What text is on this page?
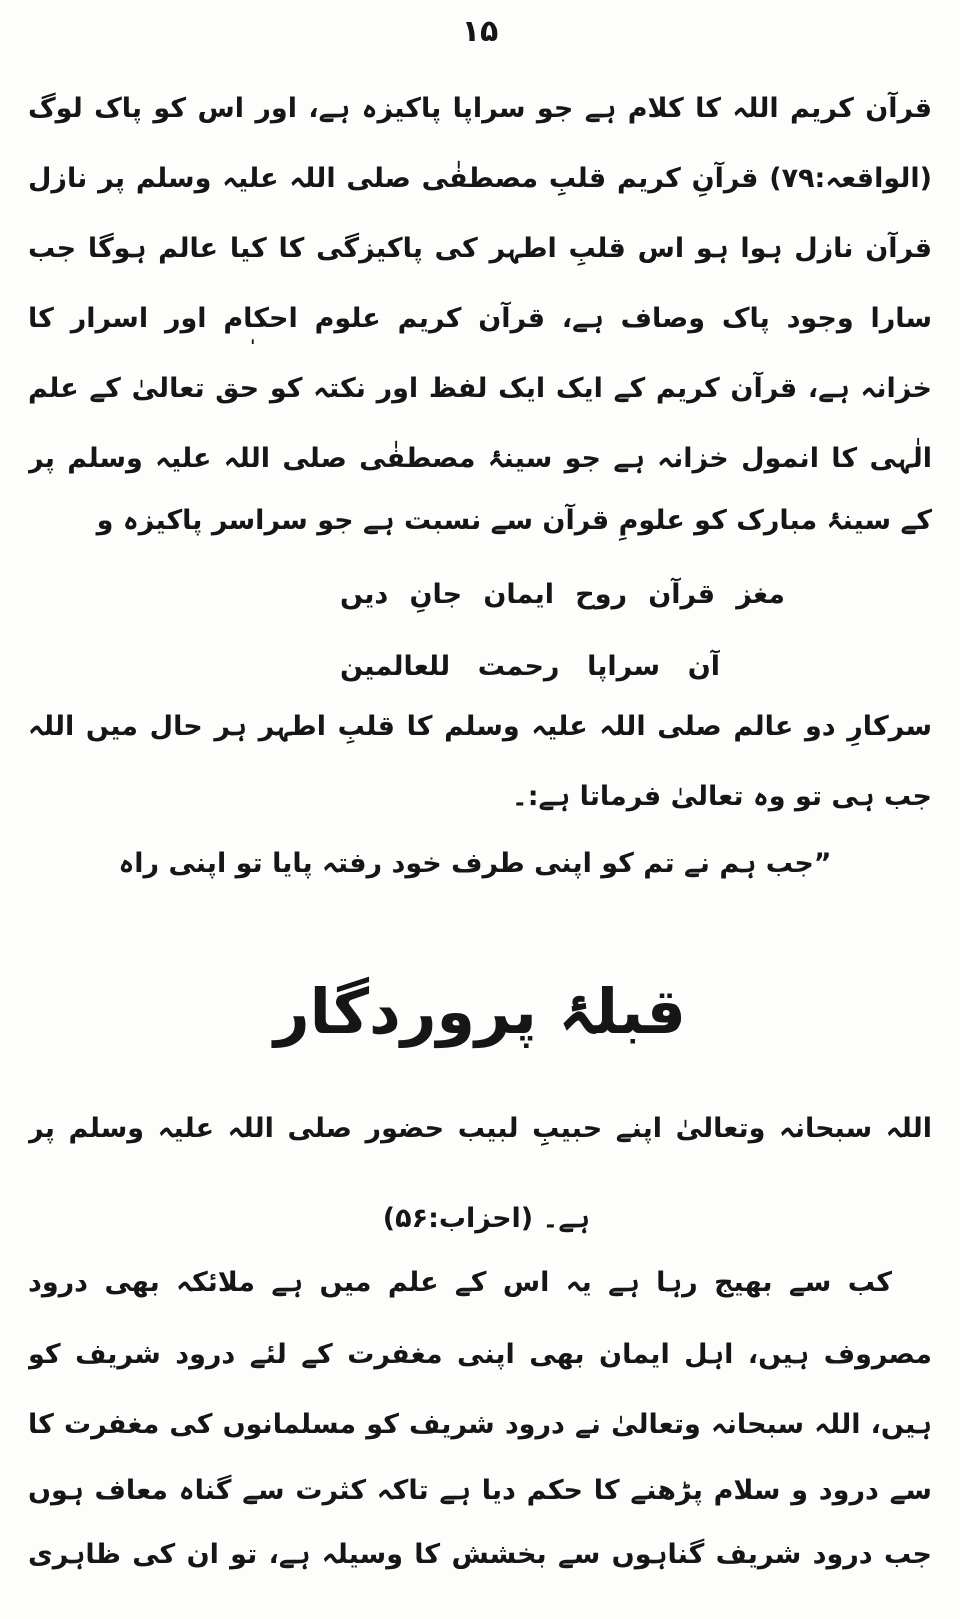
۱۵
قرآن کریم اللہ کا کلام ہے جو سراپا پاکیزہ ہے، اور اس کو پاک لوگ
(الواقعہ:۷۹) قرآنِ کریم قلبِ مصطفٰی صلی اللہ علیہ وسلم پر نازل
قرآن نازل ہوا ہو اس قلبِ اطہر کی پاکیزگی کا کیا عالم ہوگا جب
سارا وجود پاک وصاف ہے، قرآن کریم علوم احکام اور اسرار کا
خزانہ ہے، قرآن کریم کے ایک ایک لفظ اور نکتہ کو حق تعالیٰ کے علم
الٰہی کا انمول خزانہ ہے جو سینۂ مصطفٰی صلی اللہ علیہ وسلم پر
کے سینۂ مبارک کو علومِ قرآن سے نسبت ہے جو سراسر پاکیزہ و
مغز قرآن روح ایمان جانِ دیں
آن سراپا رحمت للعالمین
سرکارِ دو عالم صلی اللہ علیہ وسلم کا قلبِ اطہر ہر حال میں اللہ
جب ہی تو وہ تعالیٰ فرماتا ہے:۔
”جب ہم نے تم کو اپنی طرف خود رفتہ پایا تو اپنی راہ
قبلۂ پروردگار
اللہ سبحانہ وتعالیٰ اپنے حبیبِ لبیب حضور صلی اللہ علیہ وسلم پر
ہے۔ (احزاب:۵۶)
کب سے بھیج رہا ہے یہ اس کے علم میں ہے ملائکہ بھی درود
مصروف ہیں، اہل ایمان بھی اپنی مغفرت کے لئے درود شریف کو
ہیں، اللہ سبحانہ وتعالیٰ نے درود شریف کو مسلمانوں کی مغفرت کا
سے درود و سلام پڑھنے کا حکم دیا ہے تاکہ کثرت سے گناہ معاف ہوں
جب درود شریف گناہوں سے بخشش کا وسیلہ ہے، تو ان کی ظاہری
